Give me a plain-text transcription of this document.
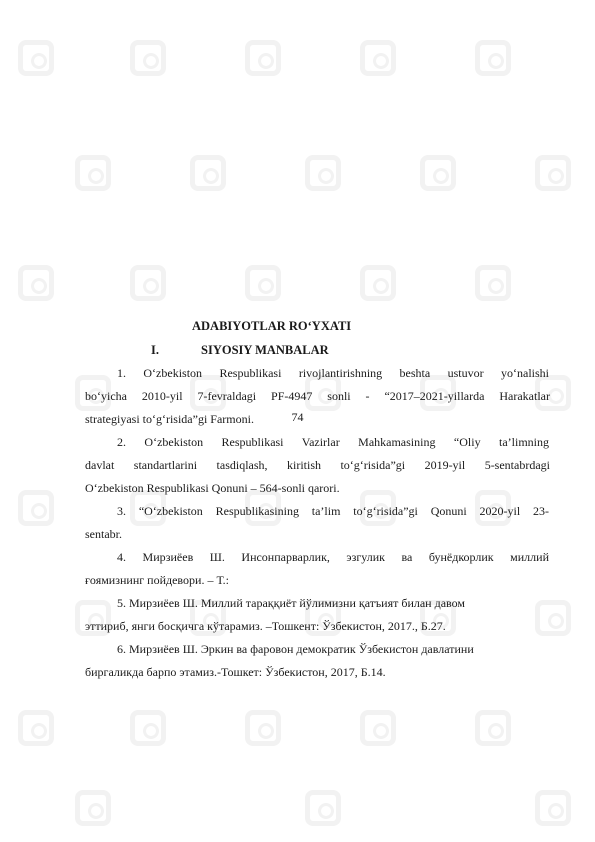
ADABIYOTLAR RO‘YXATI
I.	SIYOSIY MANBALAR
1. O‘zbekiston Respublikasi rivojlantirishning beshta ustuvor yo‘nalishi
bo‘yicha 2010-yil 7-fevraldagi PF-4947 sonli - “2017–2021-yillarda Harakatlar
strategiyasi to‘g‘risida”gi Farmoni.
2. O‘zbekiston Respublikasi Vazirlar Mahkamasining “Oliy ta’limning
davlat standartlarini tasdiqlash, kiritish to‘g‘risida”gi 2019-yil 5-sentabrdagi
O‘zbekiston Respublikasi Qonuni – 564-sonli qarori.
3. “O‘zbekiston Respublikasining ta’lim to‘g‘risida”gi Qonuni 2020-yil 23-
sentabr.
4. Мирзиёев Ш. Инсонпарварлик, эзгулик ва бунёдкорлик миллий
ғоямизнинг пойдевори. – Т.:
5. Мирзиёев Ш. Миллий тараққиёт йўлимизни қатъият билан давом
эттириб, янги босқичга кўтарамиз. –Тошкент: Ўзбекистон, 2017., Б.27.
6. Мирзиёев Ш. Эркин ва фаровон демократик Ўзбекистон давлатини
биргаликда барпо этамиз.-Тошкет: Ўзбекистон, 2017, Б.14.
74
